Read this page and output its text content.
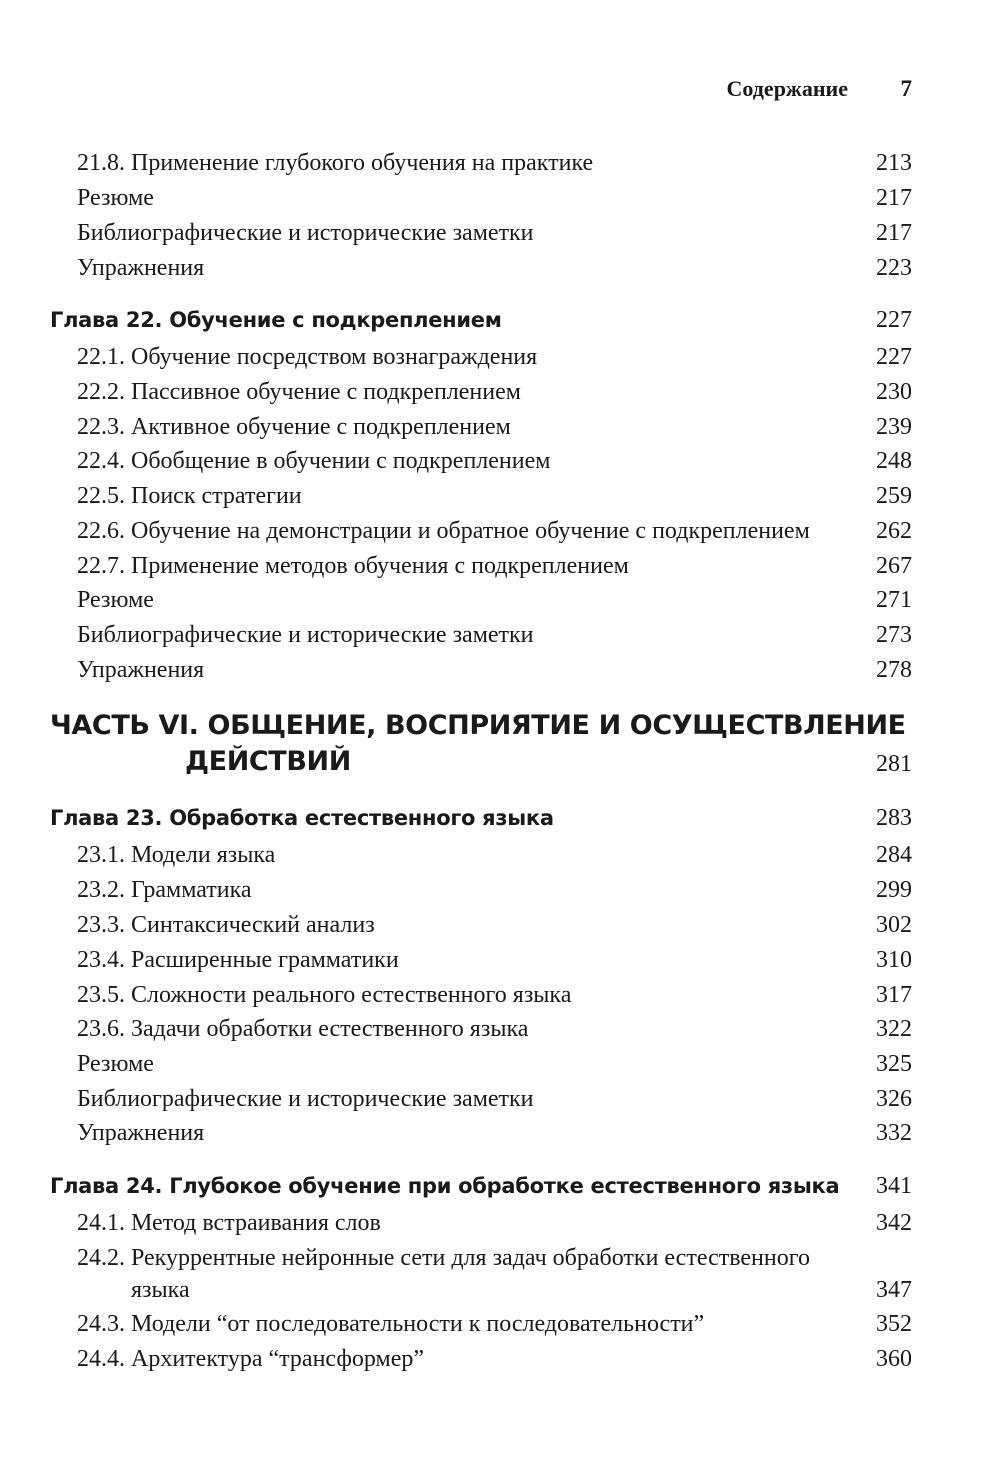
Содержание 7
21.8. Применение глубокого обучения на практике	213
Резюме	217
Библиографические и исторические заметки	217
Упражнения	223
Глава 22. Обучение с подкреплением	227
22.1. Обучение посредством вознаграждения	227
22.2. Пассивное обучение с подкреплением	230
22.3. Активное обучение с подкреплением	239
22.4. Обобщение в обучении с подкреплением	248
22.5. Поиск стратегии	259
22.6. Обучение на демонстрации и обратное обучение с подкреплением	262
22.7. Применение методов обучения с подкреплением	267
Резюме	271
Библиографические и исторические заметки	273
Упражнения	278
ЧАСТЬ VI. ОБЩЕНИЕ, ВОСПРИЯТИЕ И ОСУЩЕСТВЛЕНИЕ
ДЕЙСТВИЙ	281
Глава 23. Обработка естественного языка	283
23.1. Модели языка	284
23.2. Грамматика	299
23.3. Синтаксический анализ	302
23.4. Расширенные грамматики	310
23.5. Сложности реального естественного языка	317
23.6. Задачи обработки естественного языка	322
Резюме	325
Библиографические и исторические заметки	326
Упражнения	332
Глава 24. Глубокое обучение при обработке естественного языка 341
24.1. Метод встраивания слов	342
24.2. Рекуррентные нейронные сети для задач обработки естественного
языка	347
24.3. Модели “от последовательности к последовательности”	352
24.4. Архитектура “трансформер”	360
